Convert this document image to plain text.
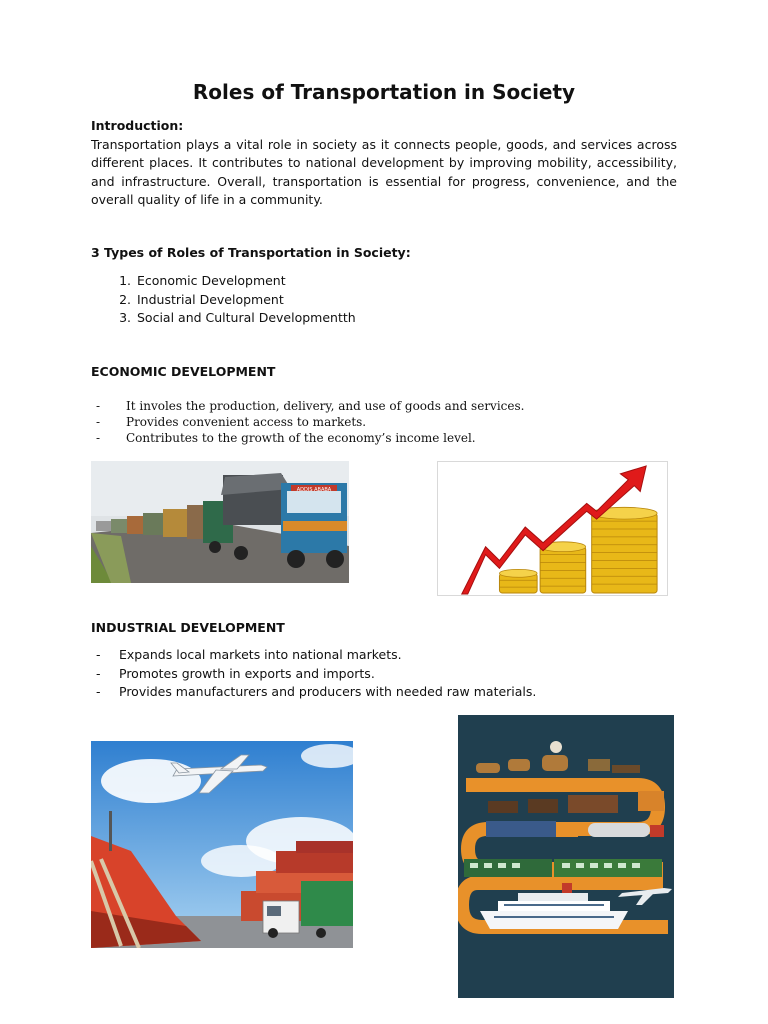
Roles of Transportation in Society

Introduction:

Transportation plays a vital role in society as it connects people, goods, and services across different places. It contributes to national development by improving mobility, accessibility, and infrastructure. Overall, transportation is essential for progress, convenience, and the overall quality of life in a community.

3 Types of Roles of Transportation in Society:

1. Economic Development
2. Industrial Development
3. Social and Cultural Developmentth

ECONOMIC DEVELOPMENT

- It involes the production, delivery, and use of goods and services.
- Provides convenient access to markets.
- Contributes to the growth of the economy’s income level.
ADDIS ABABA

INDUSTRIAL DEVELOPMENT

- Expands local markets into national markets.
- Promotes growth in exports and imports.
- Provides manufacturers and producers with needed raw materials.
